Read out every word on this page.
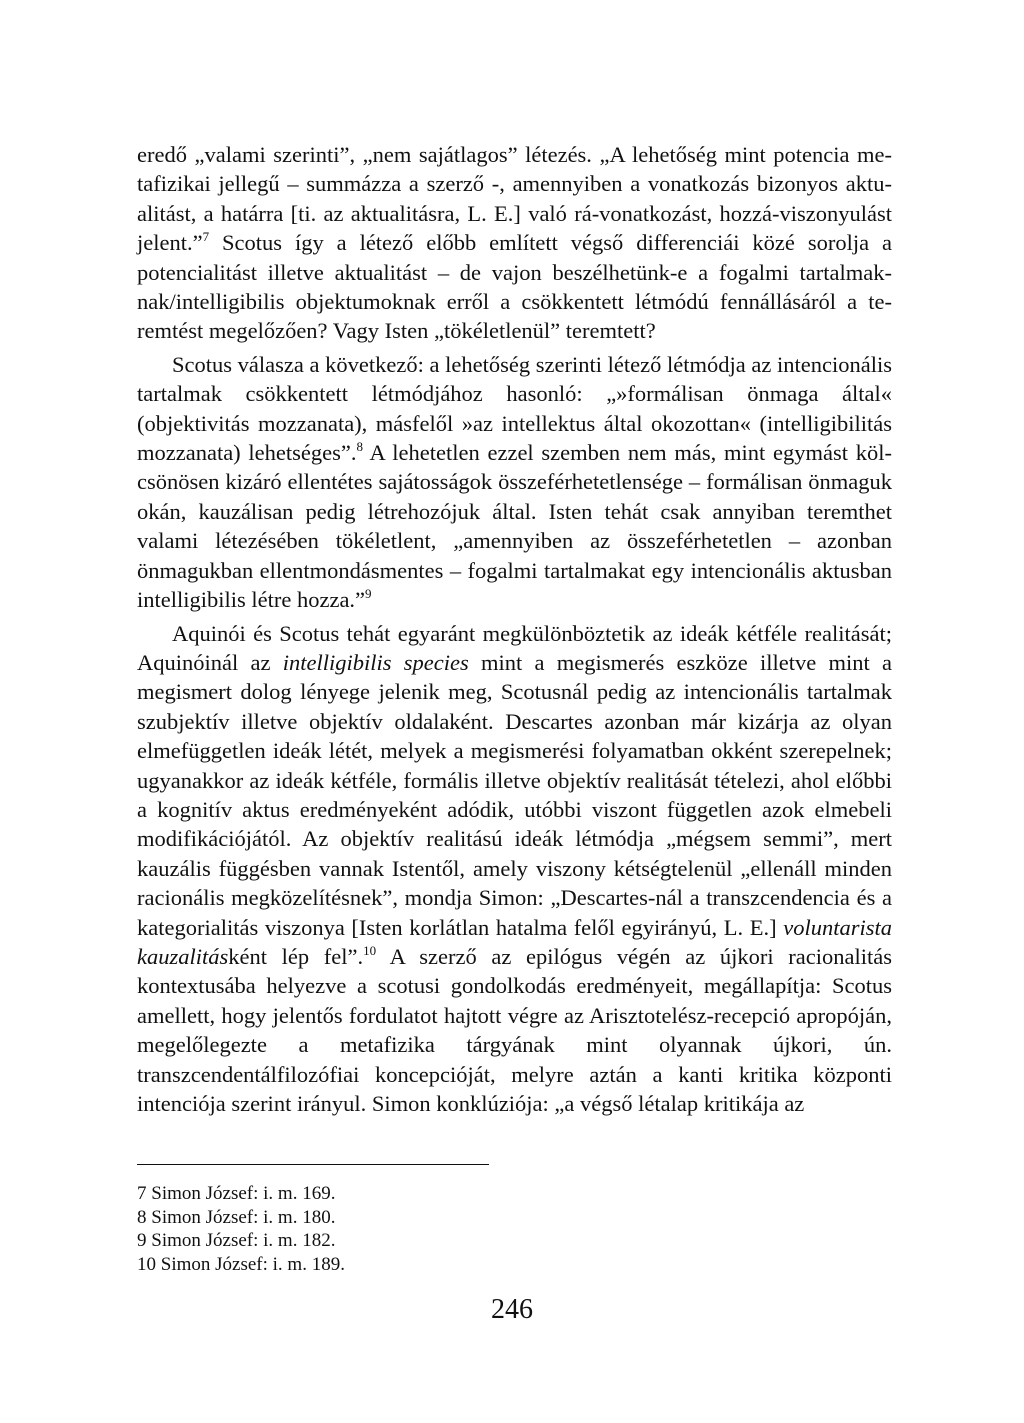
eredő „valami szerinti”, „nem sajátlagos” létezés. „A lehetőség mint potencia metafizikai jellegű – summázza a szerző -, amennyiben a vonatkozás bizonyos aktualitást, a határra [ti. az aktualitásra, L. E.] való rá-vonatkozást, hozzá-viszonyulást jelent.”$^7$ Scotus így a létező előbb említett végső differenciái közé sorolja a potencialitást illetve aktualitást – de vajon beszélhetünk-e a fogalmi tartalmaknak/intelligibilis objektumoknak erről a csökkentett létmódú fennállásáról a teremtést megelőzően? Vagy Isten „tökéletlenül” teremtett?

Scotus válasza a következő: a lehetőség szerinti létező létmódja az intencionális tartalmak csökkentett létmódjához hasonló: „»formálisan önmaga által« (objektivitás mozzanata), másfelől »az intellektus által okozottan« (intelligibilitás mozzanata) lehetséges”.$^8$ A lehetetlen ezzel szemben nem más, mint egymást kölcsönösen kizáró ellentétes sajátosságok összeférhetetlensége – formálisan önmaguk okán, kauzálisan pedig létrehozójuk által. Isten tehát csak annyiban teremthet valami létezésében tökéletlent, „amennyiben az összeférhetetlen – azonban önmagukban ellentmondásmentes – fogalmi tartalmakat egy intencionális aktusban intelligibilis létre hozza.”$^9$

Aquinói és Scotus tehát egyaránt megkülönböztetik az ideák kétféle realitását; Aquinóinál az intelligibilis species mint a megismerés eszköze illetve mint a megismert dolog lényege jelenik meg, Scotusnál pedig az intencionális tartalmak szubjektív illetve objektív oldalaként. Descartes azonban már kizárja az olyan elmefüggetlen ideák létét, melyek a megismerési folyamatban okként szerepelnek; ugyanakkor az ideák kétféle, formális illetve objektív realitását tételezi, ahol előbbi a kognitív aktus eredményeként adódik, utóbbi viszont független azok elmebeli modifikációjától. Az objektív realitású ideák létmódja „mégsem semmi”, mert kauzális függésben vannak Istentől, amely viszony kétségtelenül „ellenáll minden racionális megközelítésnek”, mondja Simon: „Descartes-nál a transzcendencia és a kategorialitás viszonya [Isten korlátlan hatalma felől egyirányú, L. E.] voluntarista kauzalitásként lép fel”.$^{10}$ A szerző az epilógus végén az újkori racionalitás kontextusába helyezve a scotusi gondolkodás eredményeit, megállapítja: Scotus amellett, hogy jelentős fordulatot hajtott végre az Arisztotelész-recepció apropóján, megelőlegezte a metafizika tárgyának mint olyannak újkori, ún. transzcendentálfilozófiai koncepcióját, melyre aztán a kanti kritika központi intenciója szerint irányul. Simon konklúziója: „a végső létalap kritikája az

7 Simon József: i. m. 169.
8 Simon József: i. m. 180.
9 Simon József: i. m. 182.
10 Simon József: i. m. 189.
246
